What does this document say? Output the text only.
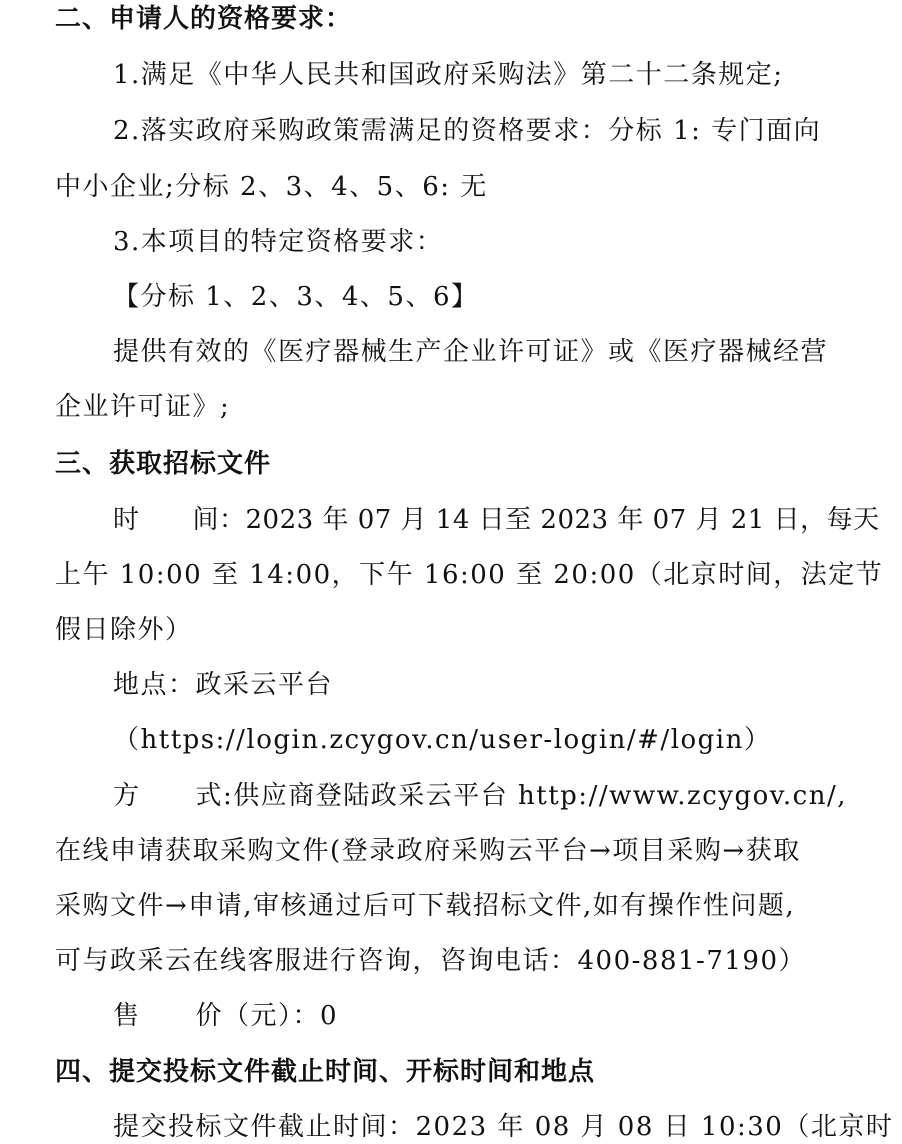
二、申请人的资格要求：
1.满足《中华人民共和国政府采购法》第二十二条规定;
2.落实政府采购政策需满足的资格要求：分标 1: 专门面向
中小企业;分标 2、3、4、5、6: 无
3.本项目的特定资格要求：
【分标 1、2、3、4、5、6】
提供有效的《医疗器械生产企业许可证》或《医疗器械经营
企业许可证》;
三、获取招标文件
时　　间：2023 年 07 月 14 日至 2023 年 07 月 21 日，每天
上午 10:00 至 14:00，下午 16:00 至 20:00（北京时间，法定节
假日除外）
地点：政采云平台
（https://login.zcygov.cn/user-login/#/login）
方　　式:供应商登陆政采云平台 http://www.zcygov.cn/,
在线申请获取采购文件(登录政府采购云平台→项目采购→获取
采购文件→申请,审核通过后可下载招标文件,如有操作性问题,
可与政采云在线客服进行咨询，咨询电话：400-881-7190）
售　　价（元）：0
四、提交投标文件截止时间、开标时间和地点
提交投标文件截止时间：2023 年 08 月 08 日 10:30（北京时
